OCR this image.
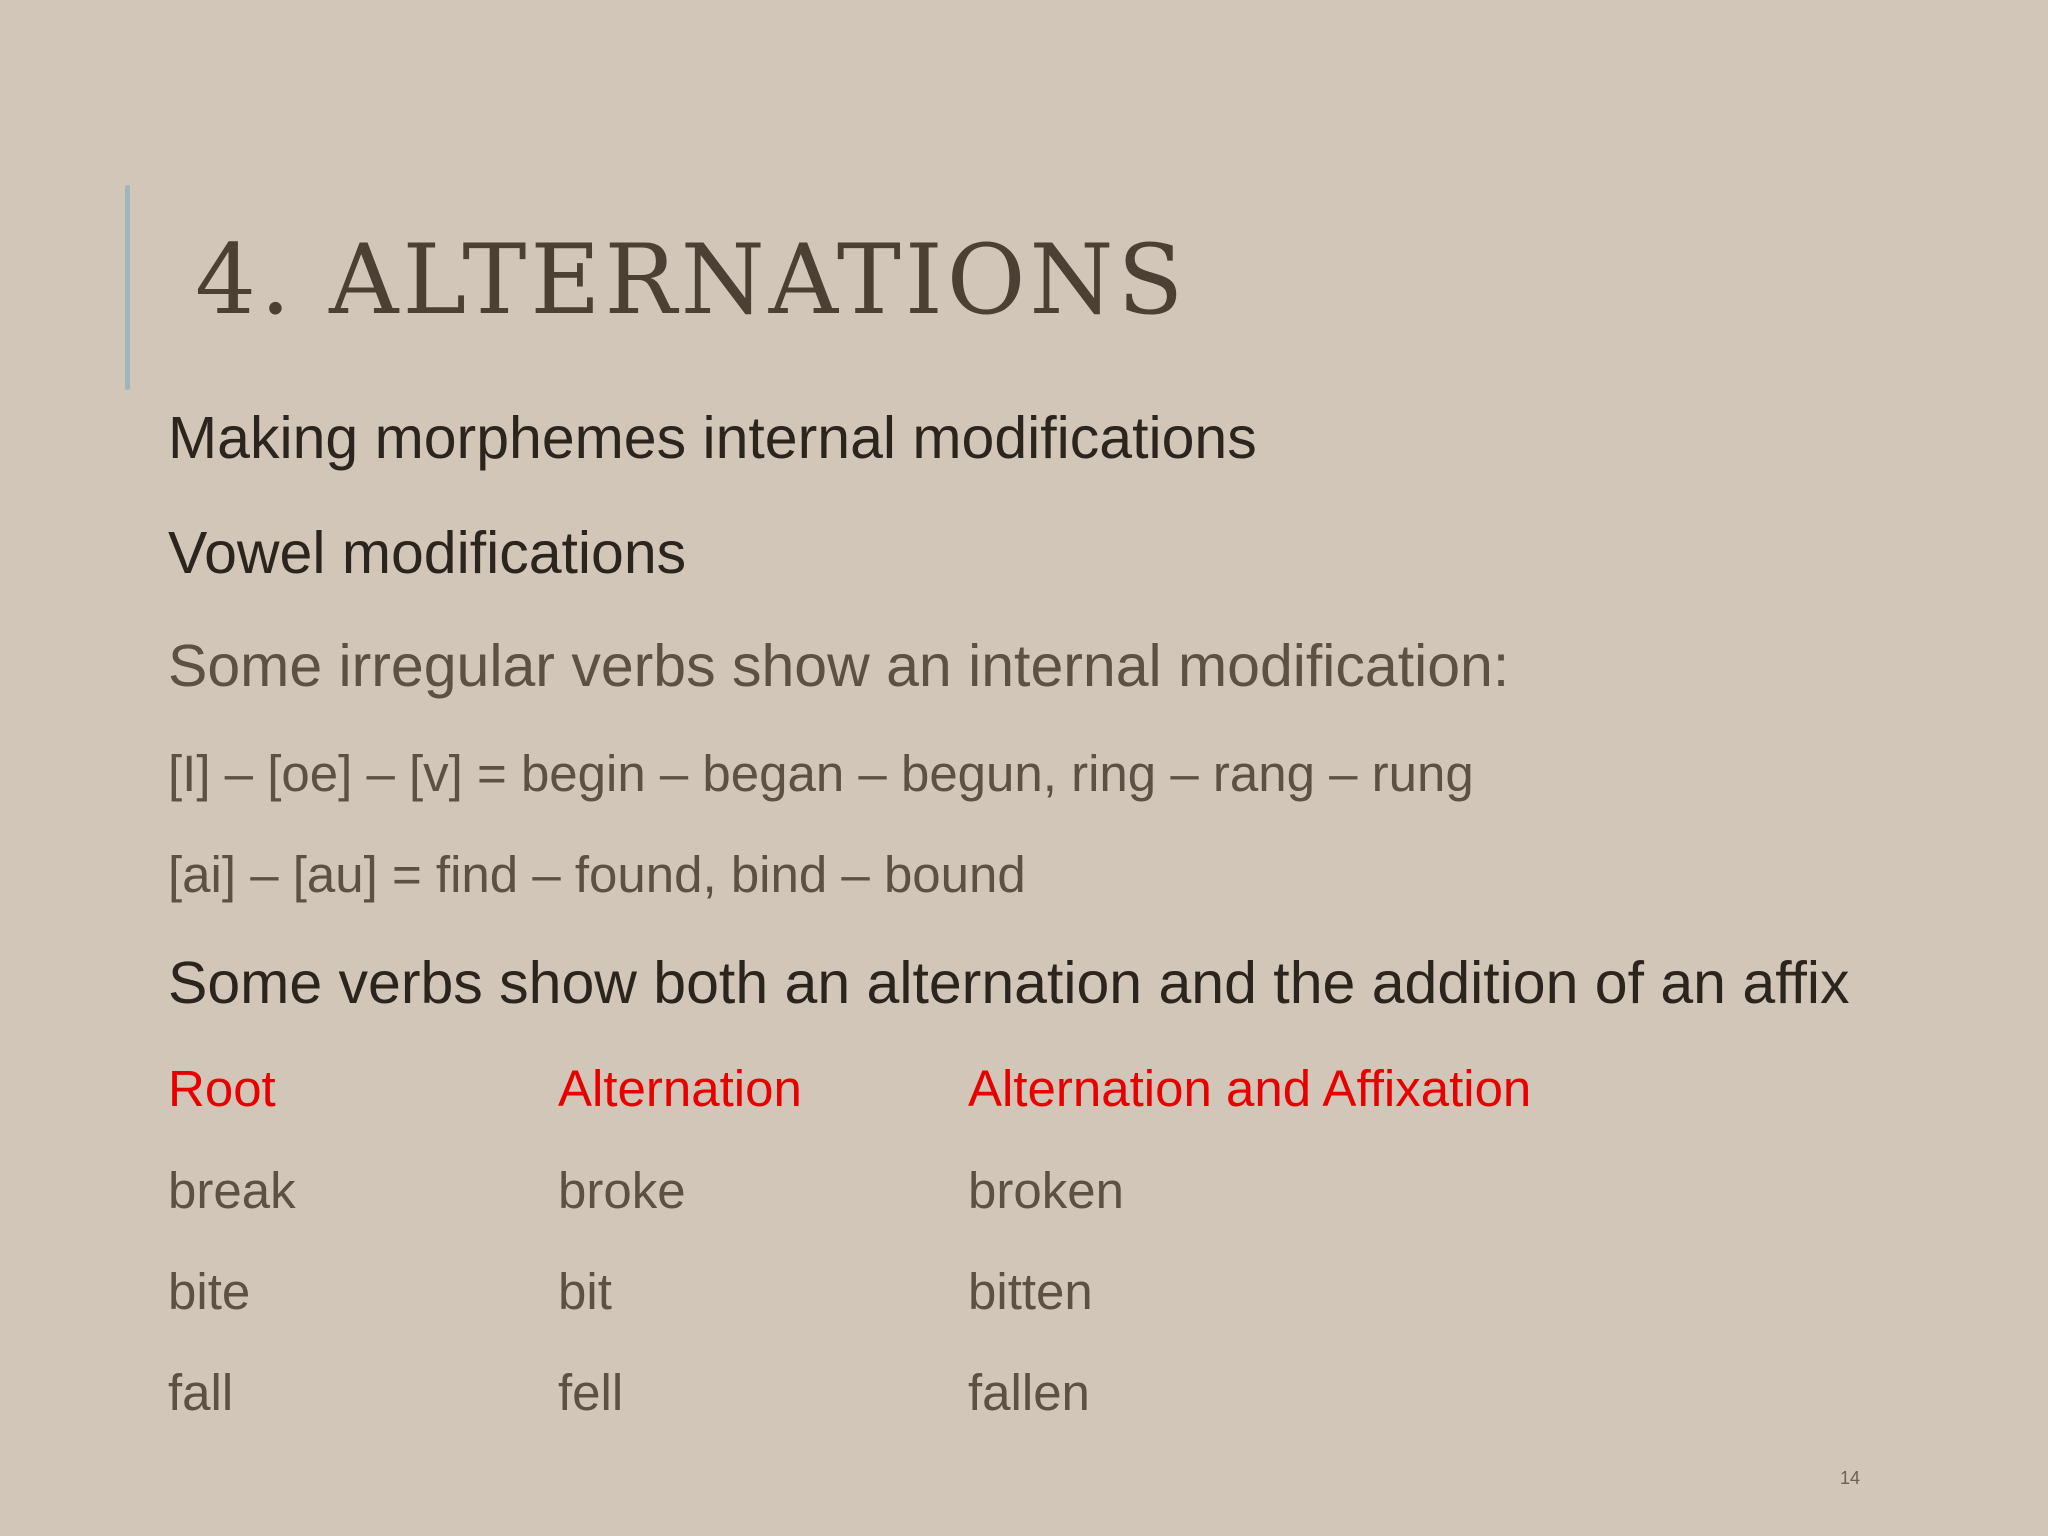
4. ALTERNATIONS

Making morphemes internal modifications

Vowel modifications

Some irregular verbs show an internal modification:

[I] – [oe] – [v] = begin – began – begun, ring – rang – rung

[ai] – [au] = find – found, bind – bound

Some verbs show both an alternation and the addition of an affix

Root	Alternation	Alternation and Affixation
break	broke	broken
bite	bit	bitten
fall	fell	fallen
14
